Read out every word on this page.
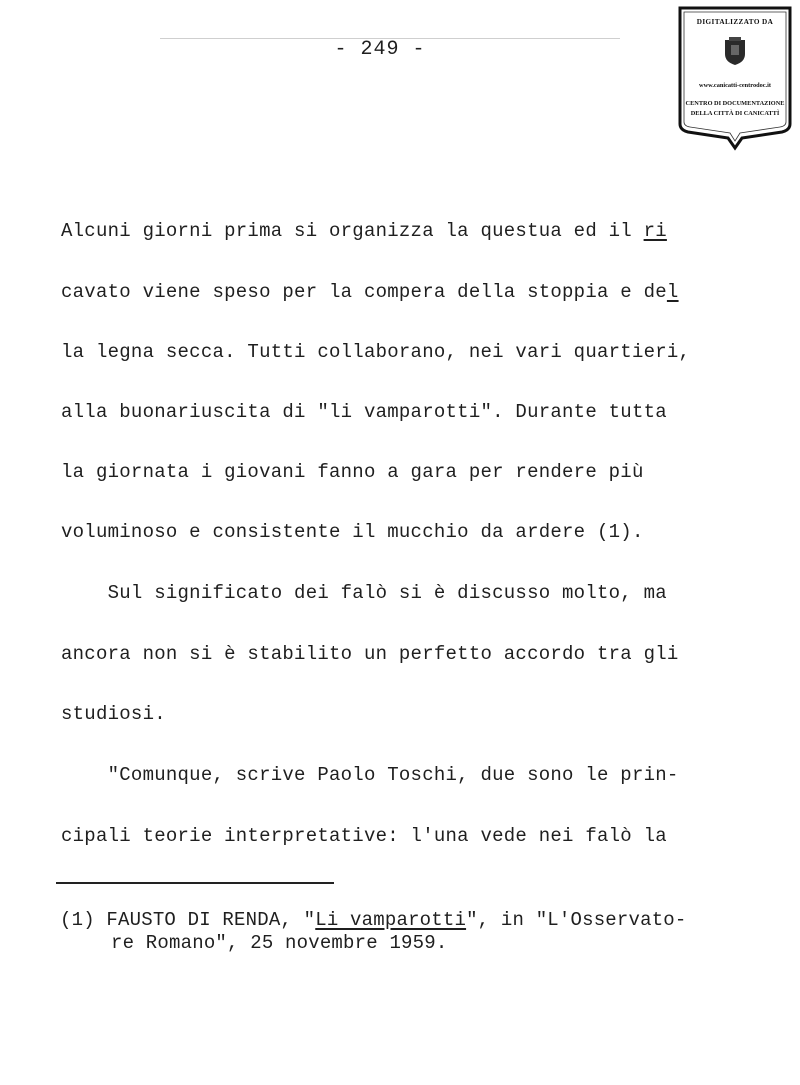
- 249 -
DIGITALIZZATO DA
www.canicatti-centrodoc.it
CENTRO DI DOCUMENTAZIONE
DELLA CITTÀ DI CANICATTÌ
Alcuni giorni prima si organizza la questua ed il ri
cavato viene speso per la compera della stoppia e del
la legna secca. Tutti collaborano, nei vari quartieri,
alla buonariuscita di "li vamparotti". Durante tutta
la giornata i giovani fanno a gara per rendere più
voluminoso e consistente il mucchio da ardere (1).
Sul significato dei falò si è discusso molto, ma
ancora non si è stabilito un perfetto accordo tra gli
studiosi.
"Comunque, scrive Paolo Toschi, due sono le prin-
cipali teorie interpretative: l'una vede nei falò la
(1) FAUSTO DI RENDA, "Li vamparotti", in "L'Osservato-
re Romano", 25 novembre 1959.
